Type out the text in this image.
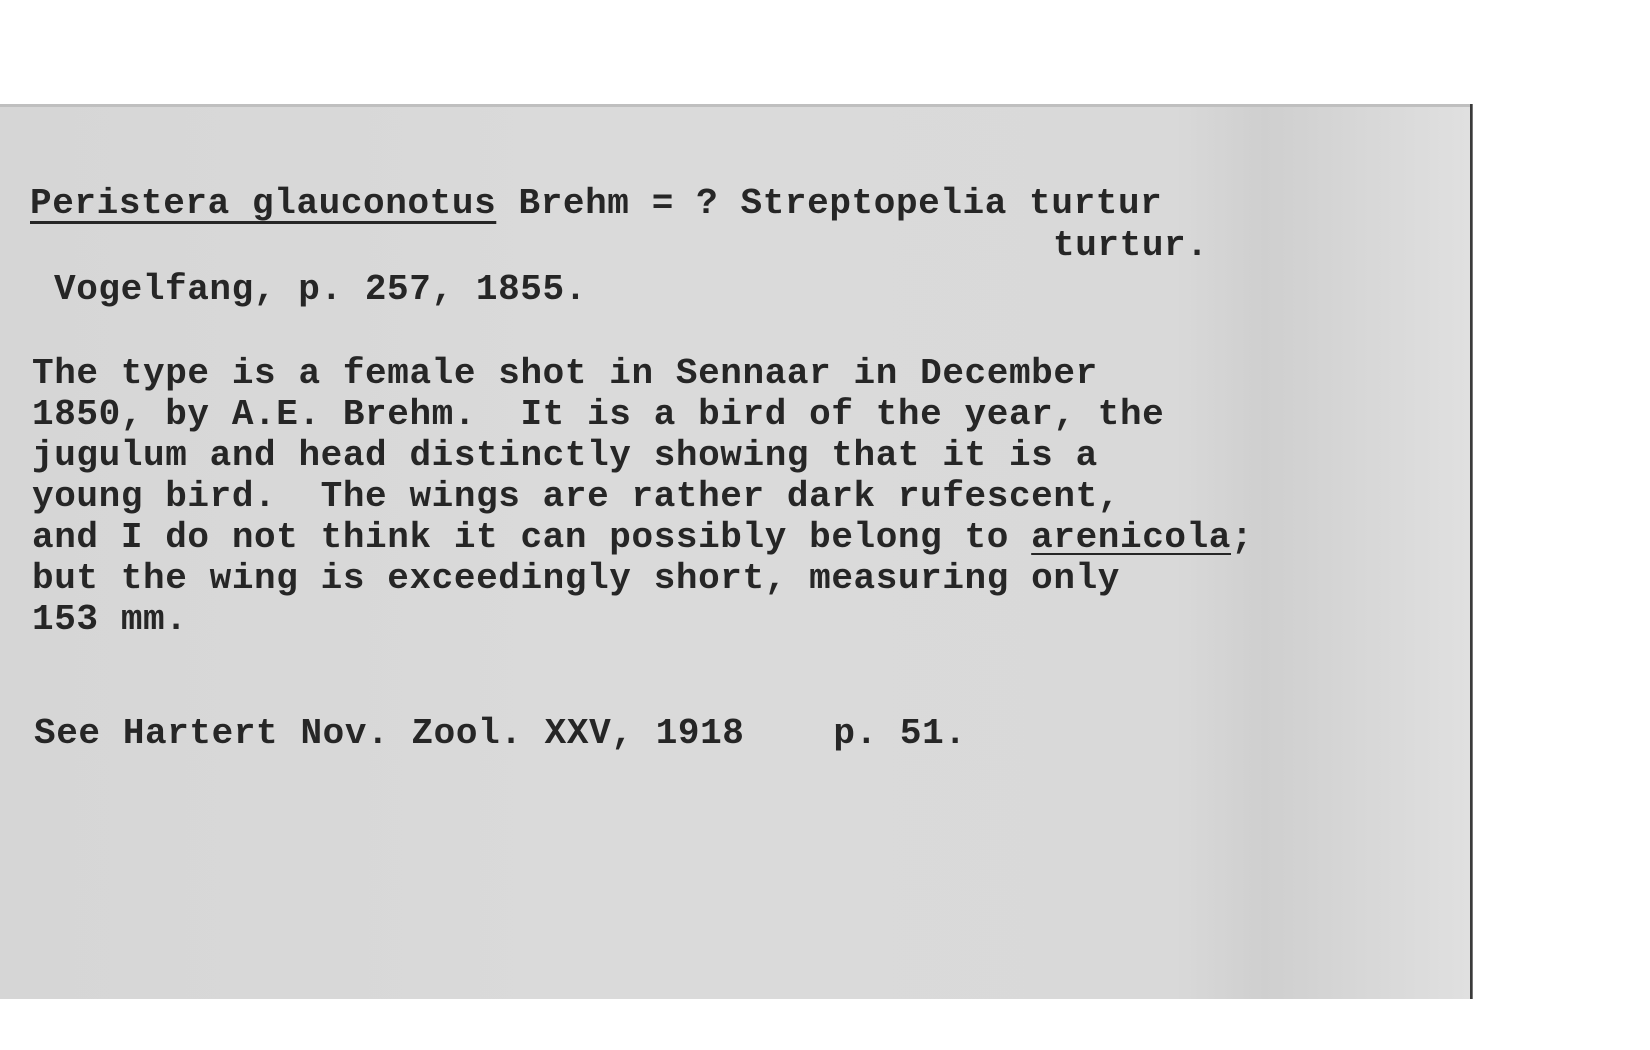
Peristera glauconotus Brehm = ? Streptopelia turtur

turtur.

Vogelfang, p. 257, 1855.

The type is a female shot in Sennaar in December

1850, by A.E. Brehm.  It is a bird of the year, the

jugulum and head distinctly showing that it is a

young bird.  The wings are rather dark rufescent,

and I do not think it can possibly belong to arenicola;

but the wing is exceedingly short, measuring only

153 mm.

See Hartert Nov. Zool. XXV, 1918    p. 51.
